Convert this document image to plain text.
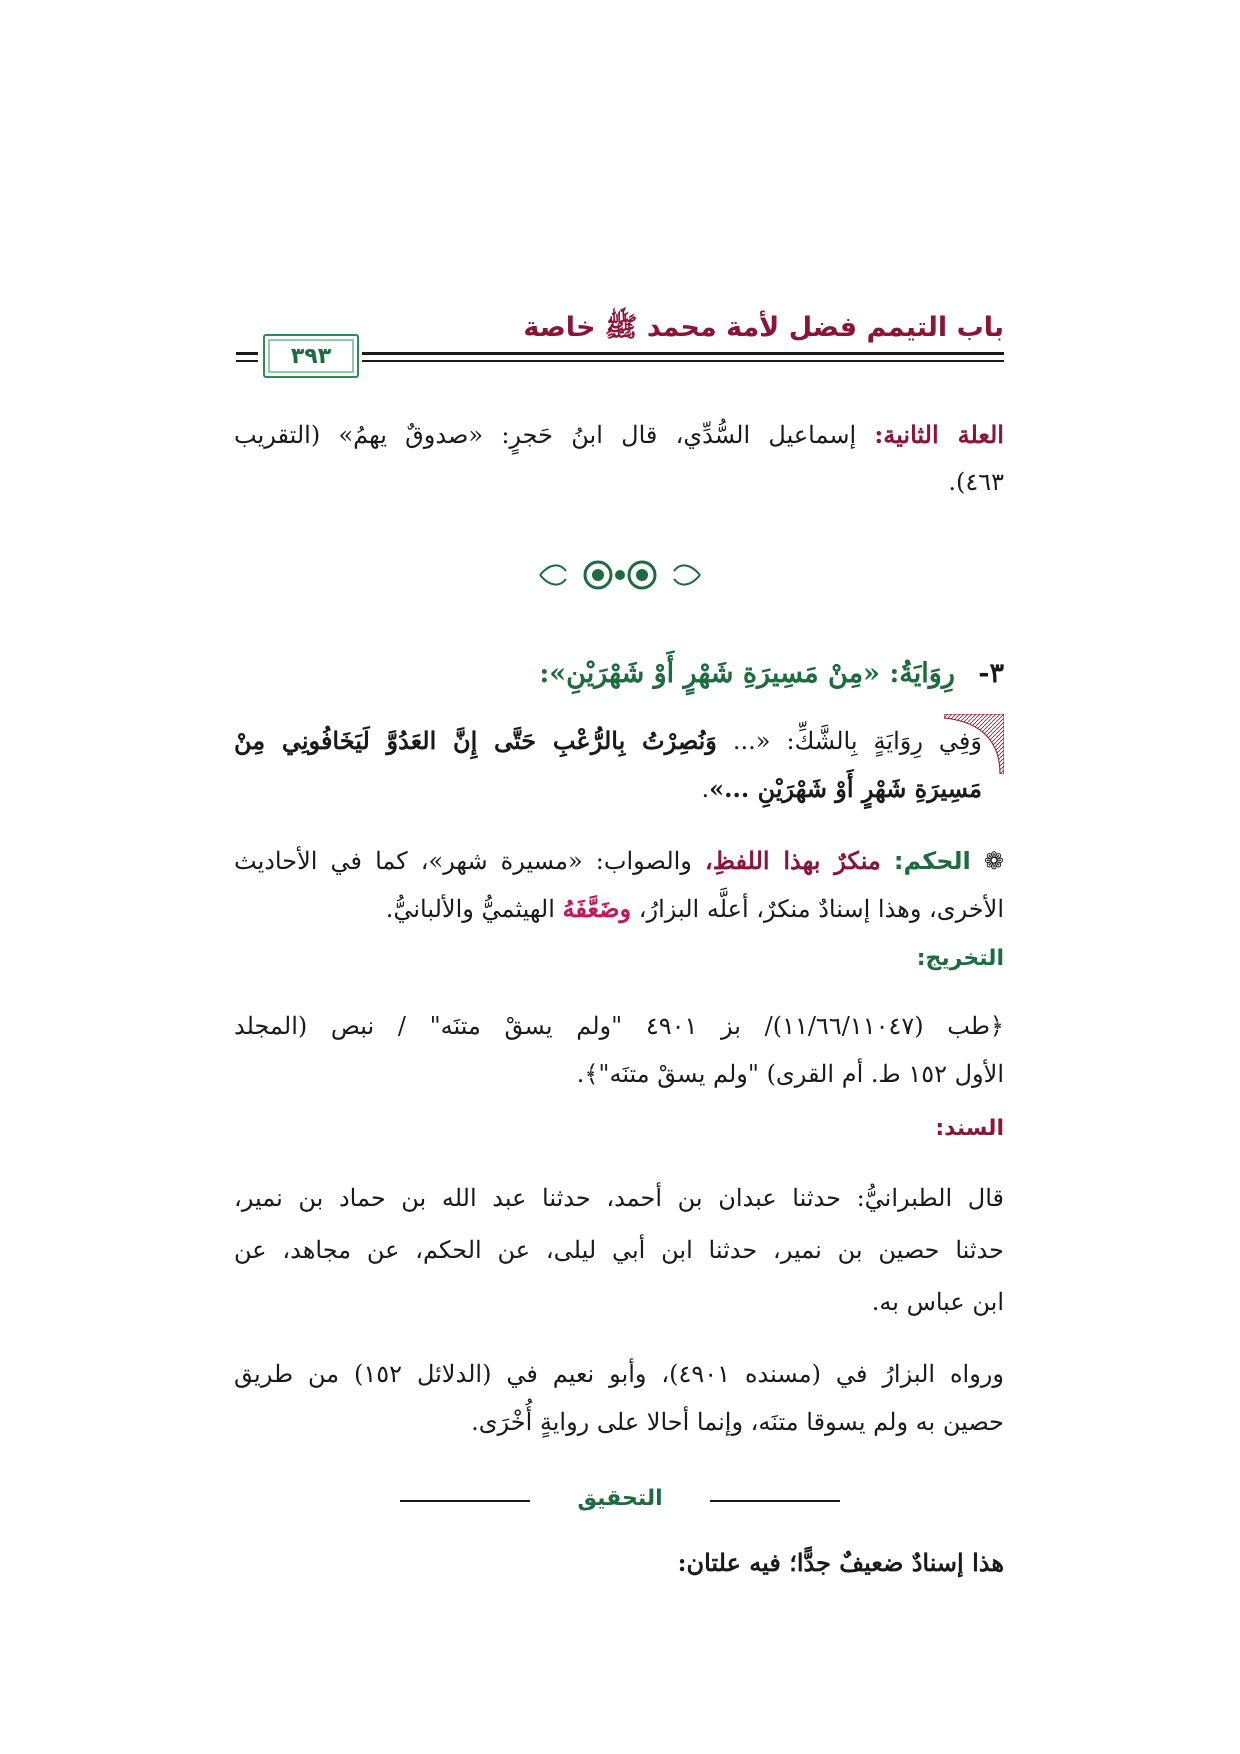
باب التيمم فضل لأمة محمد ﷺ خاصة
٣٩٣
العلة الثانية: إسماعيل السُّدِّي، قال ابنُ حَجرٍ: «صدوقٌ يهمُ» (التقريب
٤٦٣).
٣- رِوَايَةُ: «مِنْ مَسِيرَةِ شَهْرٍ أَوْ شَهْرَيْنِ»:
وَفِي رِوَايَةٍ بِالشَّكِّ: «... وَنُصِرْتُ بِالرُّعْبِ حَتَّى إِنَّ العَدُوَّ لَيَخَافُونِي مِنْ
مَسِيرَةِ شَهْرٍ أَوْ شَهْرَيْنِ ...».
❁ الحكم: منكرٌ بهذا اللفظِ، والصواب: «مسيرة شهر»، كما في الأحاديث
الأخرى، وهذا إسنادٌ منكرٌ، أعلَّه البزارُ، وضَعَّفَهُ الهيثميُّ والألبانيُّ.
التخريج:
﴿طب (١١/٦٦/١١٠٤٧)/ بز ٤٩٠١ "ولم يسقْ متنَه" / نبص (المجلد
الأول ١٥٢ ط. أم القرى) "ولم يسقْ متنَه"﴾.
السند:
قال الطبرانيُّ: حدثنا عبدان بن أحمد، حدثنا عبد الله بن حماد بن نمير،
حدثنا حصين بن نمير، حدثنا ابن أبي ليلى، عن الحكم، عن مجاهد، عن
ابن عباس به.
ورواه البزارُ في (مسنده ٤٩٠١)، وأبو نعيم في (الدلائل ١٥٢) من طريق
حصين به ولم يسوقا متنَه، وإنما أحالا على روايةٍ أُخْرَى.
التحقيق
هذا إسنادٌ ضعيفٌ جدًّا؛ فيه علتان:
